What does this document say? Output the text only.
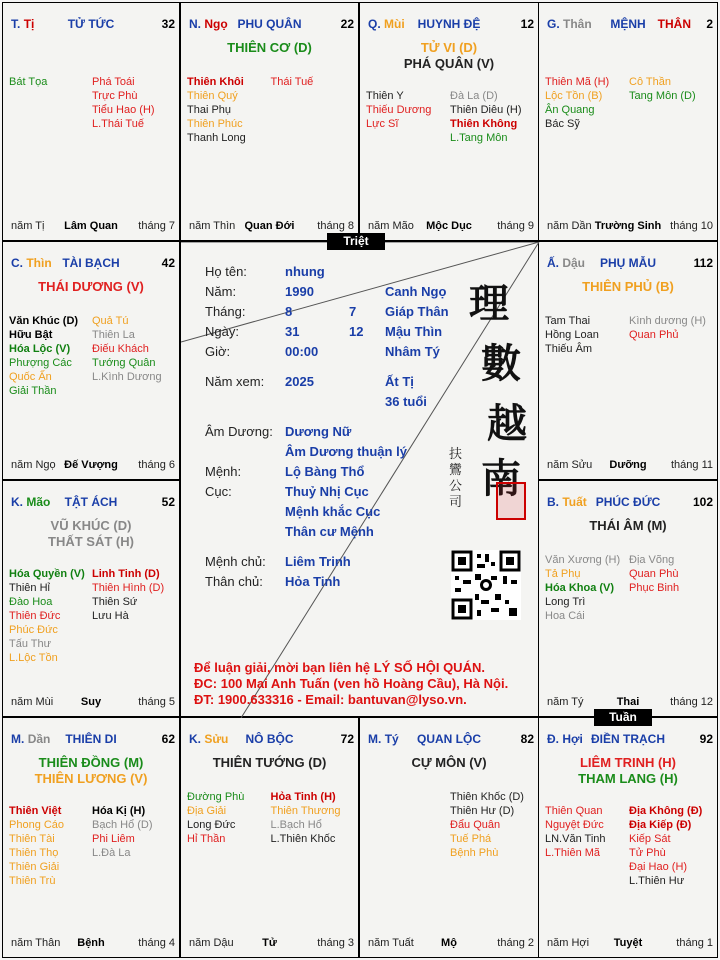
T. Tị	TỬ TỨC	32
Bát Tọa	Phá Toái
Trực Phù
Tiểu Hao (H)
L.Thái Tuế
năm Tị	Lâm Quan	tháng 7
N. Ngọ PHU QUÂN	22
THIÊN CƠ (D)
Thiên Khôi
Thiên Quý
Thai Phụ
Thiên Phúc
Thanh Long
Thái Tuế
năm Thìn Quan Đới	tháng 8
Q. Mùi	HUYNH ĐỆ	12
TỬ VI (D)
PHÁ QUÂN (V)
Thiên Y
Thiếu Dương
Lực Sĩ
Đà La (D)
Thiên Diêu (H)
Thiên Không
L.Tang Môn
năm Mão	Mộc Dục	tháng 9
G. Thân	MỆNH	THÂN 2
Thiên Mã (H)
Lộc Tồn (B)
Ân Quang
Bác Sỹ
Cô Thần
Tang Môn (D)
năm Dần Trường Sinh tháng 10
C. Thìn TÀI BẠCH	42
THÁI DƯƠNG (V)
Văn Khúc (D)
Hữu Bật
Hóa Lộc (V)
Phượng Các
Quốc Ấn
Giải Thần
Quả Tú
Thiên La
Điếu Khách
Tướng Quân
L.Kình Dương
năm Ngọ Đế Vượng	tháng 6
Ấ. Dậu	PHỤ MẪU	112
THIÊN PHỦ (B)
Tam Thai
Hồng Loan
Thiếu Âm
Kình dương (H)
Quan Phủ
năm Sửu	Dưỡng	tháng 11
K. Mão	TẬT ÁCH	52
VŨ KHÚC (D)
THẤT SÁT (H)
Hóa Quyền (V)
Thiên Hỉ
Đào Hoa
Thiên Đức
Phúc Đức
Tấu Thư
L.Lộc Tồn
Linh Tinh (D)
Thiên Hình (D)
Thiên Sứ
Lưu Hà
năm Mùi	Suy	tháng 5
B. Tuất PHÚC ĐỨC	102
THÁI ÂM (M)
Văn Xương (H)
Tả Phụ
Hóa Khoa (V)
Long Trì
Hoa Cái
Địa Võng
Quan Phù
Phục Binh
năm Tý	Thai	tháng 12
M. Dần	THIÊN DI	62
THIÊN ĐỒNG (M)
THIÊN LƯƠNG (V)
Thiên Việt
Phong Cáo
Thiên Tài
Thiên Thọ
Thiên Giải
Thiên Trù
Hóa Kị (H)
Bạch Hổ (D)
Phi Liêm
L.Đà La
năm Thân	Bệnh	tháng 4
K. Sửu	NÔ BỘC	72
THIÊN TƯỚNG (D)
Đường Phù
Địa Giải
Long Đức
Hỉ Thần
Hỏa Tinh (H)
Thiên Thương
L.Bạch Hổ
L.Thiên Khốc
năm Dậu	Tử	tháng 3
M. Tý	QUAN LỘC	82
CỰ MÔN (V)
Thiên Khốc (D)
Thiên Hư (D)
Đẩu Quân
Tuế Phá
Bệnh Phù
năm Tuất	Mộ	tháng 2
Đ. Hợi ĐIỀN TRẠCH	92
LIÊM TRINH (H)
THAM LANG (H)
Thiên Quan
Nguyệt Đức
LN.Văn Tinh
L.Thiên Mã
Địa Không (Đ)
Địa Kiếp (Đ)
Kiếp Sát
Tử Phù
Đại Hao (H)
L.Thiên Hư
năm Hợi	Tuyệt	tháng 1
Họ tên:	nhung
Năm:	1990	Canh Ngọ
Tháng:	8	7 Giáp Thân
Ngày:	31	12 Mậu Thìn
Giờ:	00:00	Nhâm Tý
Năm xem: 2025	Ất Tị
36 tuổi
Âm Dương: Dương Nữ
Âm Dương thuận lý
Mệnh:	Lộ Bàng Thổ
Cục:	Thuỷ Nhị Cục
Mệnh khắc Cục
Thân cư Mệnh
Mệnh chủ: Liêm Trinh
Thân chủ: Hỏa Tinh
理
數
越
南
扶鸞公司
Để luận giải, mời bạn liên hệ LÝ SỐ HỘI QUÁN.
ĐC: 100 Mai Anh Tuấn (ven hồ Hoàng Cầu), Hà Nội.
ĐT: 1900.633316 - Email: bantuvan@lyso.vn.
Triệt
Tuần
